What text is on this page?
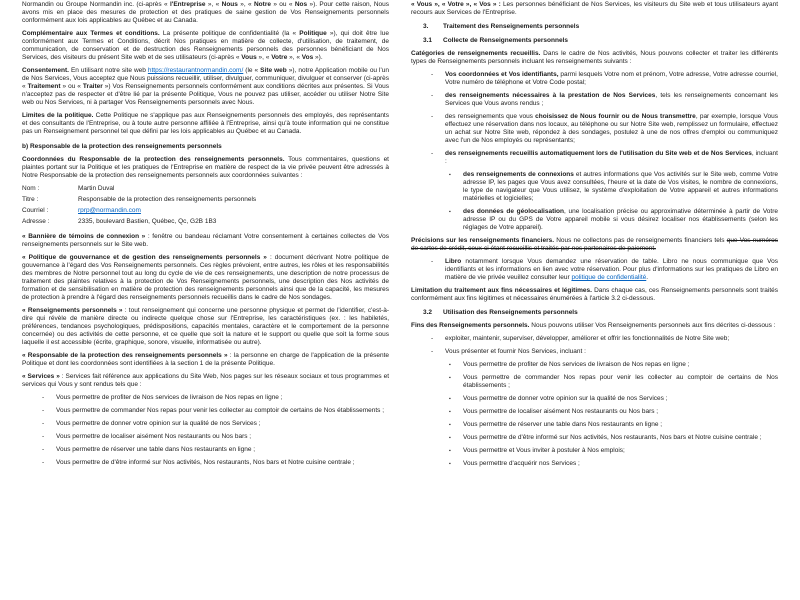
Normandin ou Groupe Normandin inc. (ci-après « l'Entreprise », « Nous », « Notre » ou « Nos »). Pour cette raison, Nous avons mis en place des mesures de protection et des pratiques de saine gestion de Vos Renseignements personnels conformément aux lois applicables au Québec et au Canada.
Complémentaire aux Termes et conditions. La présente politique de confidentialité (la « Politique »), qui doit être lue conformément aux Termes et Conditions, décrit Nos pratiques en matière de collecte, d'utilisation, de traitement, de communication, de conservation et de destruction des Renseignements personnels des personnes bénéficiant de Nos Services, des visiteurs du présent Site web et de ses utilisateurs (ci-après « Vous », « Votre », « Vos »).
Consentement. En utilisant notre site web https://restaurantnormandin.com/ (le « Site web »), notre Application mobile ou l'un de Nos Services, Vous acceptez que Nous puissions recueillir, utiliser, divulguer, communiquer, divulguer et conserver (ci-après « Traitement » ou « Traiter ») Vos Renseignements personnels conformément aux conditions décrites aux présentes. Si Vous n'acceptez pas de respecter et d'être lié par la présente Politique, Vous ne pouvez pas utiliser, accéder ou utiliser Notre Site web ou Nos Services, ni à partager Vos Renseignements personnels avec Nous.
Limites de la politique. Cette Politique ne s'applique pas aux Renseignements personnels des employés, des représentants et des consultants de l'Entreprise, ou à toute autre personne affiliée à l'Entreprise, ainsi qu'à toute information qui ne constitue pas un Renseignement personnel tel que défini par les lois applicables au Québec et au Canada.
b) Responsable de la protection des renseignements personnels
Coordonnées du Responsable de la protection des renseignements personnels. Tous commentaires, questions et plaintes portant sur la Politique et les pratiques de l'Entreprise en matière de respect de la vie privée peuvent être adressés à Notre Responsable de la protection des renseignements personnels aux coordonnées suivantes :
Nom :	Martin Duval
Titre :	Responsable de la protection des renseignements personnels
Courriel :	rprp@normandin.com
Adresse :	2335, boulevard Bastien, Québec, Qc, G2B 1B3
« Bannière de témoins de connexion » : fenêtre ou bandeau réclamant Votre consentement à certaines collectes de Vos renseignements personnels sur le Site web.
« Politique de gouvernance et de gestion des renseignements personnels » : document décrivant Notre politique de gouvernance à l'égard des Vos Renseignements personnels. Ces règles prévoient, entre autres, les rôles et les responsabilités des membres de Notre personnel tout au long du cycle de vie de ces renseignements, une description de notre processus de traitement des plaintes relatives à la protection de Vos Renseignements personnels, une description des Nos activités de formation et de sensibilisation en matière de protection des renseignements personnels ainsi que de la capacité, les mesures de protection à prendre à l'égard des renseignements personnels recueillis dans le cadre de Nos sondages.
« Renseignements personnels » : tout renseignement qui concerne une personne physique et permet de l'identifier, c'est-à-dire qui révèle de manière directe ou indirecte quelque chose sur l'Entreprise, les caractéristiques (ex. : les habiletés, préférences, tendances psychologiques, prédispositions, capacités mentales, caractère et le comportement de la personne concernée) ou des activités de cette personne, et ce quelle que soit la nature et le support ou quelle que soit la forme sous laquelle il est accessible (écrite, graphique, sonore, visuelle, informatisée ou autre).
« Responsable de la protection des renseignements personnels » : la personne en charge de l'application de la présente Politique et dont les coordonnées sont identifiées à la section 1 de la présente Politique.
« Services » : Services fait référence aux applications du Site Web, Nos pages sur les réseaux sociaux et tous programmes et services qui Vous y sont rendus tels que :
-	Vous permettre de profiter de Nos services de livraison de Nos repas en ligne ;
-	Vous permettre de commander Nos repas pour venir les collecter au comptoir de certains de Nos établissements ;
-	Vous permettre de donner votre opinion sur la qualité de nos Services ;
-	Vous permettre de localiser aisément Nos restaurants ou Nos bars ;
-	Vous permettre de réserver une table dans Nos restaurants en ligne ;
-	Vous permettre de d'être informé sur Nos activités, Nos restaurants, Nos bars et Notre cuisine centrale ;
« Vous », « Votre », « Vos » : Les personnes bénéficiant de Nos Services, les visiteurs du Site web et tous utilisateurs ayant recours aux Services de l'Entreprise.
3. Traitement des Renseignements personnels
3.1 Collecte de Renseignements personnels
Catégories de renseignements recueillis. Dans le cadre de Nos activités, Nous pouvons collecter et traiter les différents types de Renseignements personnels incluant les renseignements suivants :
-	Vos coordonnées et Vos identifiants, parmi lesquels Votre nom et prénom, Votre adresse, Votre adresse courriel, Votre numéro de téléphone et Votre Code postal;
-	des renseignements nécessaires à la prestation de Nos Services, tels les renseignements concernant les Services que Vous avons rendus ;
-	des renseignements que vous choisissez de Nous fournir ou de Nous transmettre, par exemple, lorsque Vous effectuez une réservation dans nos locaux, au téléphone ou sur Notre Site web, remplissez un formulaire, effectuez un achat sur Notre Site web, répondez à des sondages, postulez à une de nos offres d'emploi ou communiquez avec l'un de Nos employés ou représentants;
-	des renseignements recueillis automatiquement lors de l'utilisation du Site web et de Nos Services, incluant :
▪	des renseignements de connexions et autres informations que Vos activités sur le Site web, comme Votre adresse IP, les pages que Vous avez consultées, l'heure et la date de Vos visites, le nombre de connexions, le type de navigateur que Vous utilisez, le système d'exploitation de Votre appareil et autres informations matérielles et logicielles;
▪	des données de géolocalisation, une localisation précise ou approximative déterminée à partir de Votre adresse IP ou du GPS de Votre appareil mobile si vous désirez localiser nos établissements (selon les réglages de Votre appareil).
Précisions sur les renseignements financiers. Nous ne collectons pas de renseignements financiers tels que Vos numéros de cartes de crédit, ceux-ci étant recueillis et traités par nos partenaires de paiement.
-	Libro notamment lorsque Vous demandez une réservation de table. Libro ne nous communique que Vos identifiants et les informations en lien avec votre réservation. Pour plus d'informations sur les pratiques de Libro en matière de vie privée veuillez consulter leur politique de confidentialité.
Limitation du traitement aux fins nécessaires et légitimes. Dans chaque cas, ces Renseignements personnels sont traités conformément aux fins légitimes et nécessaires énumérées à l'article 3.2 ci-dessous.
3.2 Utilisation des Renseignements personnels
Fins des Renseignements personnels. Nous pouvons utiliser Vos Renseignements personnels aux fins décrites ci-dessous :
-	exploiter, maintenir, superviser, développer, améliorer et offrir les fonctionnalités de Notre Site web;
-	Vous présenter et fournir Nos Services, incluant :
▪	Vous permettre de profiter de Nos services de livraison de Nos repas en ligne ;
▪	Vous permettre de commander Nos repas pour venir les collecter au comptoir de certains de Nos établissements ;
▪	Vous permettre de donner votre opinion sur la qualité de nos Services ;
▪	Vous permettre de localiser aisément Nos restaurants ou Nos bars ;
▪	Vous permettre de réserver une table dans Nos restaurants en ligne ;
▪	Vous permettre de d'être informé sur Nos activités, Nos restaurants, Nos bars et Notre cuisine centrale ;
▪	Vous permettre et Vous inviter à postuler à Nos emplois;
▪	Vous permettre d'acquérir nos Services ;
